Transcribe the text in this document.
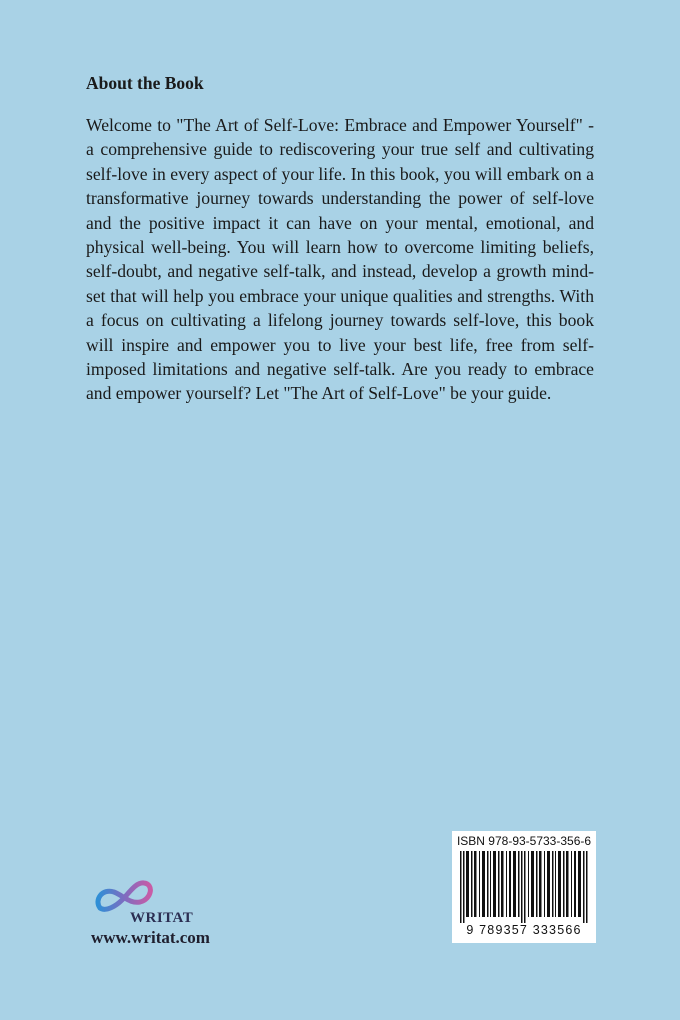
About the Book

Welcome to "The Art of Self-Love: Embrace and Empower Yourself" - a comprehensive guide to rediscovering your true self and cultivating self-love in every aspect of your life. In this book, you will embark on a transformative journey towards understanding the power of self-love and the positive impact it can have on your mental, emotional, and physical well-being. You will learn how to overcome limiting beliefs, self-doubt, and negative self-talk, and instead, develop a growth mind-set that will help you embrace your unique qualities and strengths. With a focus on cultivating a lifelong journey towards self-love, this book will inspire and empower you to live your best life, free from self-imposed limitations and negative self-talk. Are you ready to embrace and empower yourself? Let "The Art of Self-Love" be your guide.

WRITAT
www.writat.com
ISBN 978-93-5733-356-6
9 789357 333566
